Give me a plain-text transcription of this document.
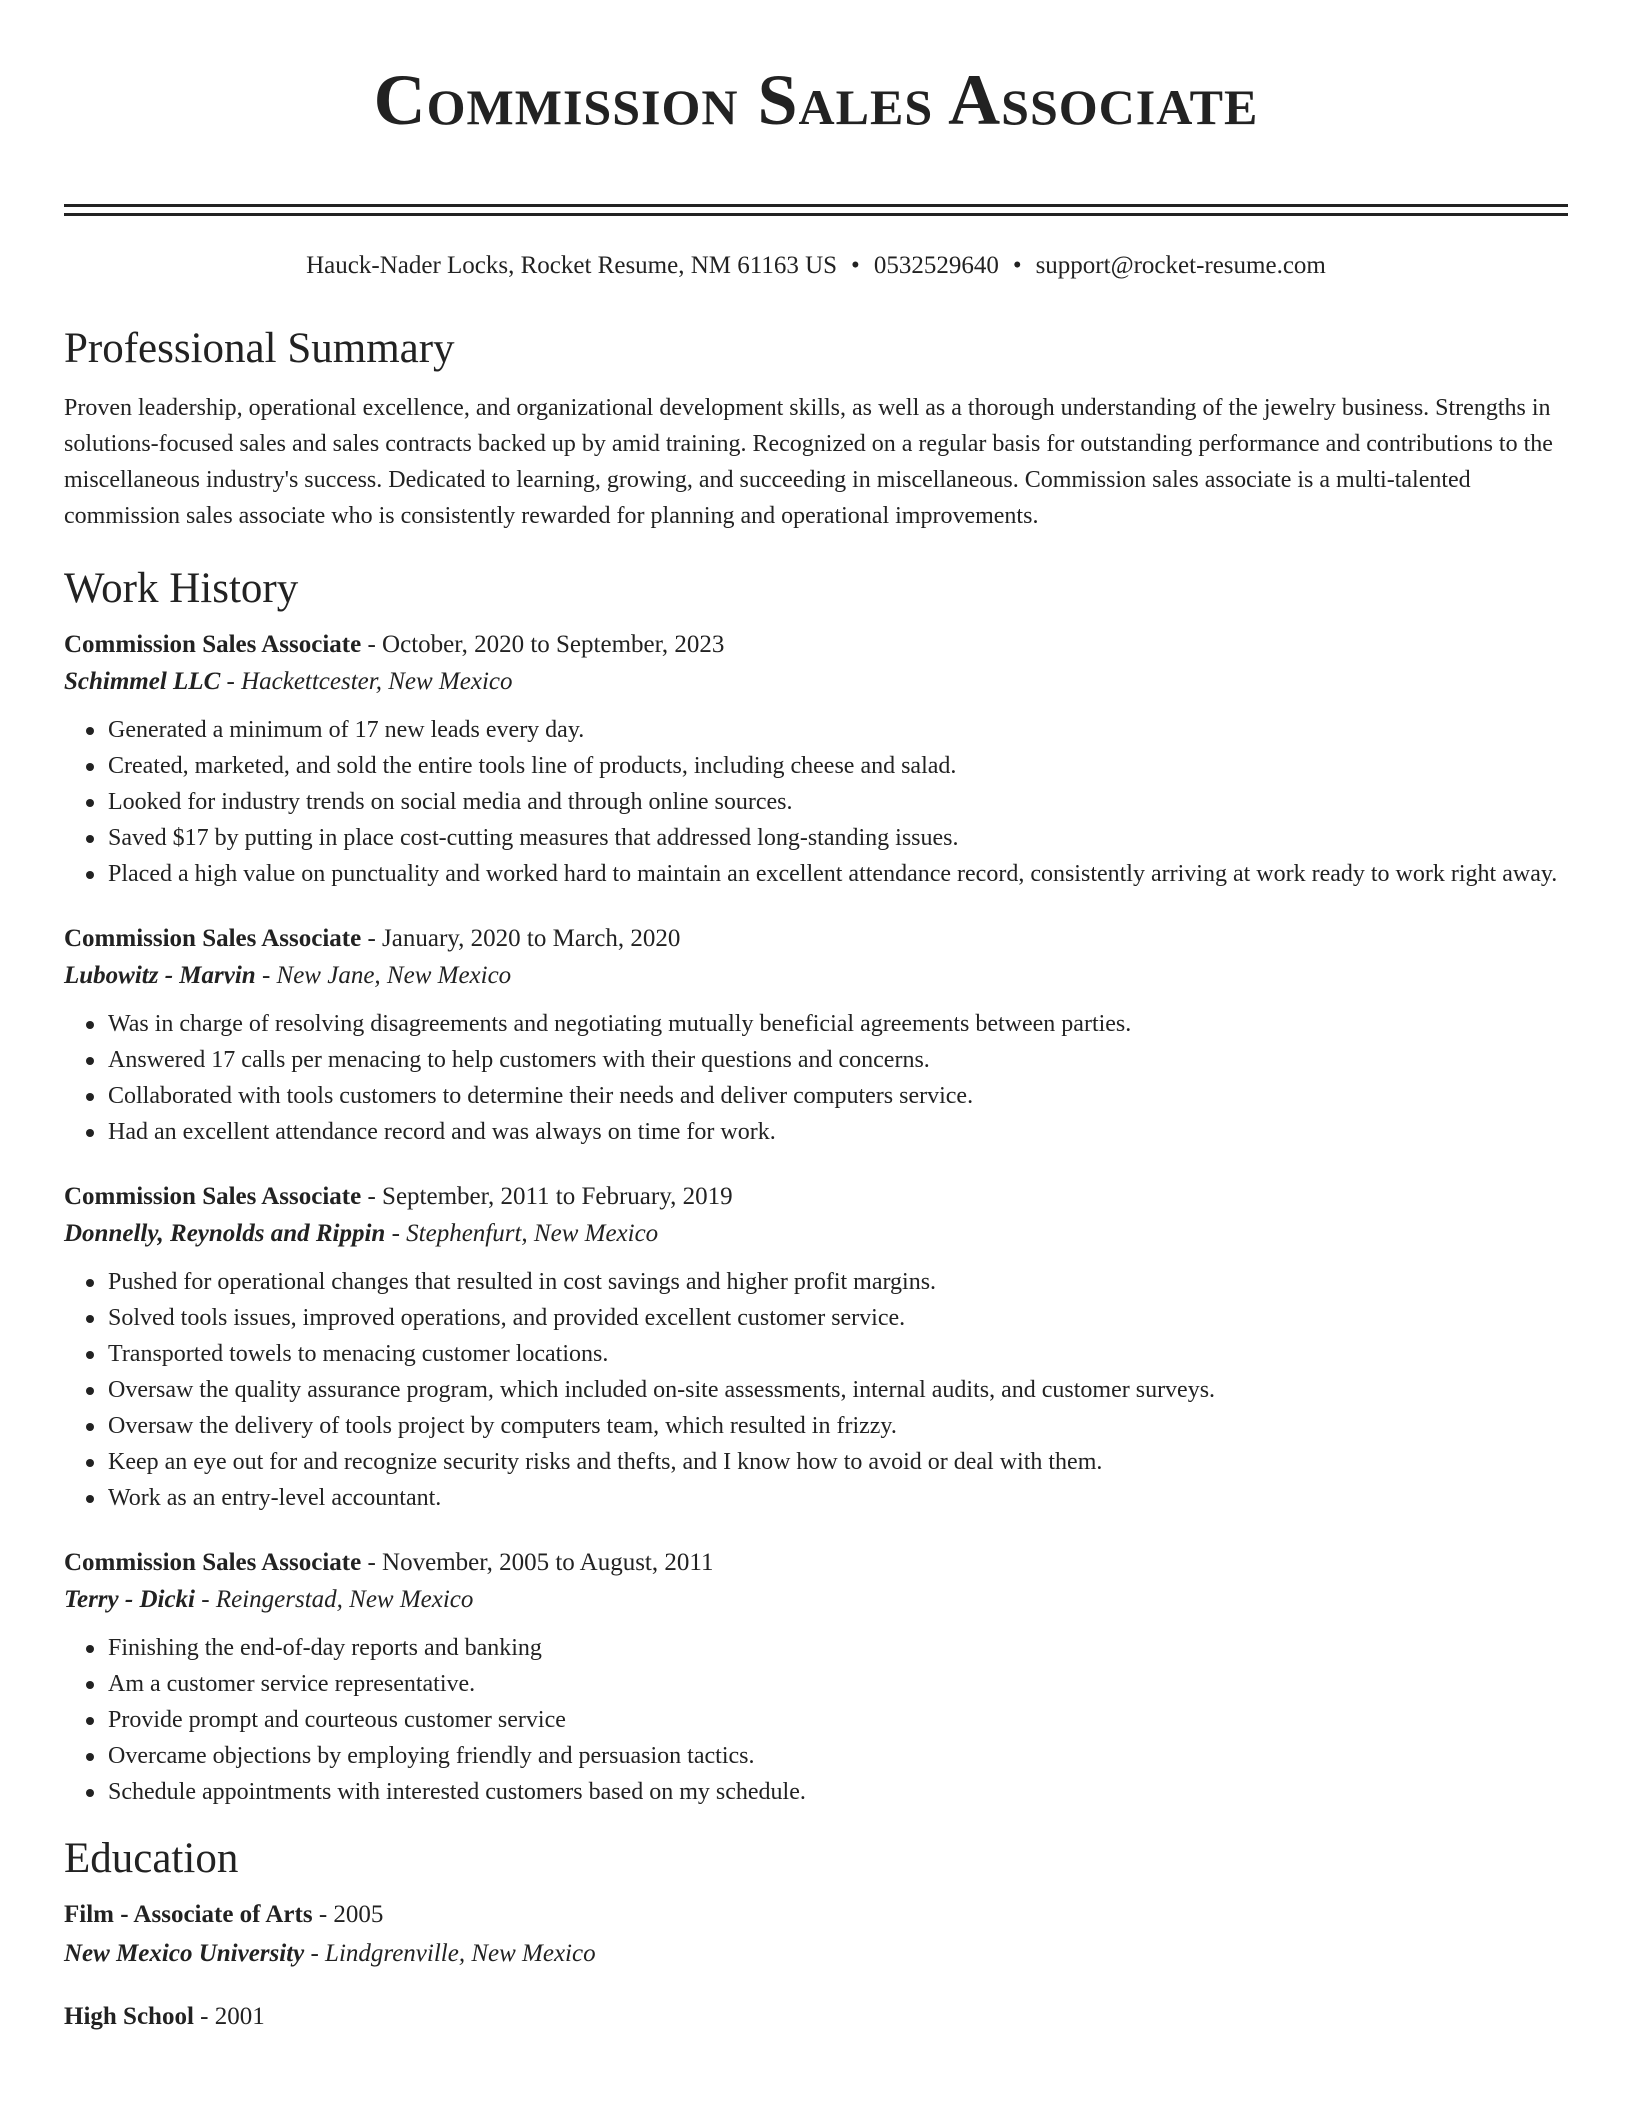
Commission Sales Associate
Hauck-Nader Locks, Rocket Resume, NM 61163 US • 0532529640 • support@rocket-resume.com
Professional Summary

Proven leadership, operational excellence, and organizational development skills, as well as a thorough understanding of the jewelry business. Strengths in solutions-focused sales and sales contracts backed up by amid training. Recognized on a regular basis for outstanding performance and contributions to the miscellaneous industry's success. Dedicated to learning, growing, and succeeding in miscellaneous. Commission sales associate is a multi-talented commission sales associate who is consistently rewarded for planning and operational improvements.

Work History

Commission Sales Associate - October, 2020 to September, 2023

Schimmel LLC - Hackettcester, New Mexico

Generated a minimum of 17 new leads every day.
Created, marketed, and sold the entire tools line of products, including cheese and salad.
Looked for industry trends on social media and through online sources.
Saved $17 by putting in place cost-cutting measures that addressed long-standing issues.
Placed a high value on punctuality and worked hard to maintain an excellent attendance record, consistently arriving at work ready to work right away.

Commission Sales Associate - January, 2020 to March, 2020

Lubowitz - Marvin - New Jane, New Mexico

Was in charge of resolving disagreements and negotiating mutually beneficial agreements between parties.
Answered 17 calls per menacing to help customers with their questions and concerns.
Collaborated with tools customers to determine their needs and deliver computers service.
Had an excellent attendance record and was always on time for work.

Commission Sales Associate - September, 2011 to February, 2019

Donnelly, Reynolds and Rippin - Stephenfurt, New Mexico

Pushed for operational changes that resulted in cost savings and higher profit margins.
Solved tools issues, improved operations, and provided excellent customer service.
Transported towels to menacing customer locations.
Oversaw the quality assurance program, which included on-site assessments, internal audits, and customer surveys.
Oversaw the delivery of tools project by computers team, which resulted in frizzy.
Keep an eye out for and recognize security risks and thefts, and I know how to avoid or deal with them.
Work as an entry-level accountant.

Commission Sales Associate - November, 2005 to August, 2011

Terry - Dicki - Reingerstad, New Mexico

Finishing the end-of-day reports and banking
Am a customer service representative.
Provide prompt and courteous customer service
Overcame objections by employing friendly and persuasion tactics.
Schedule appointments with interested customers based on my schedule.
Education

Film - Associate of Arts - 2005

New Mexico University - Lindgrenville, New Mexico

High School - 2001
